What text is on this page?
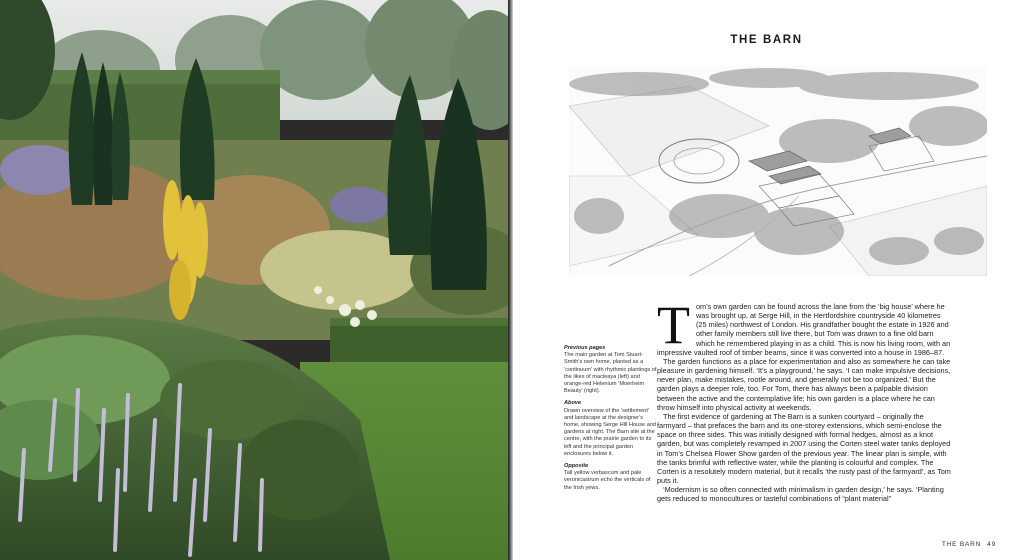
THE BARN
Previous pages
The main garden at Tom Stuart-Smith’s own home, planted as a ‘continuum’ with rhythmic plantings of the likes of macleaya (left) and orange-red Helenium ‘Moerheim Beauty’ (right).
Above
Drawn overview of the ‘settlement’ and landscape at the designer’s home, showing Serge Hill House and gardens at right. The Barn site at the centre, with the prairie garden to its left and the principal garden enclosures below it.
Opposite
Tall yellow verbascum and pale veronicastrum echo the verticals of the Irish yews.

Tom’s own garden can be found across the lane from the ‘big house’ where he was brought up, at Serge Hill, in the Hertfordshire countryside 40 kilometres (25 miles) northwest of London. His grandfather bought the estate in 1926 and other family members still live there, but Tom was drawn to a fine old barn which he remembered playing in as a child. This is now his living room, with an impressive vaulted roof of timber beams, since it was converted into a house in 1986–87.

The garden functions as a place for experimentation and also as somewhere he can take pleasure in gardening himself. ‘It’s a playground,’ he says. ‘I can make impulsive decisions, never plan, make mistakes, rootle around, and generally not be too organized.’ But the garden plays a deeper role, too. For Tom, there has always been a palpable division between the active and the contemplative life; his own garden is a place where he can throw himself into physical activity at weekends.

The first evidence of gardening at The Barn is a sunken courtyard – originally the farmyard – that prefaces the barn and its one-storey extensions, which semi-enclose the space on three sides. This was initially designed with formal hedges, almost as a knot garden, but was completely revamped in 2007 using the Corten steel water tanks deployed in Tom’s Chelsea Flower Show garden of the previous year. The linear plan is simple, with the tanks brimful with reflective water, while the planting is colourful and complex. The Corten is a resolutely modern material, but it recalls ‘the rusty past of the farmyard’, as Tom puts it.

‘Modernism is so often connected with minimalism in garden design,’ he says. ‘Planting gets reduced to monocultures or tasteful combinations of “plant material”

THE BARN 49
